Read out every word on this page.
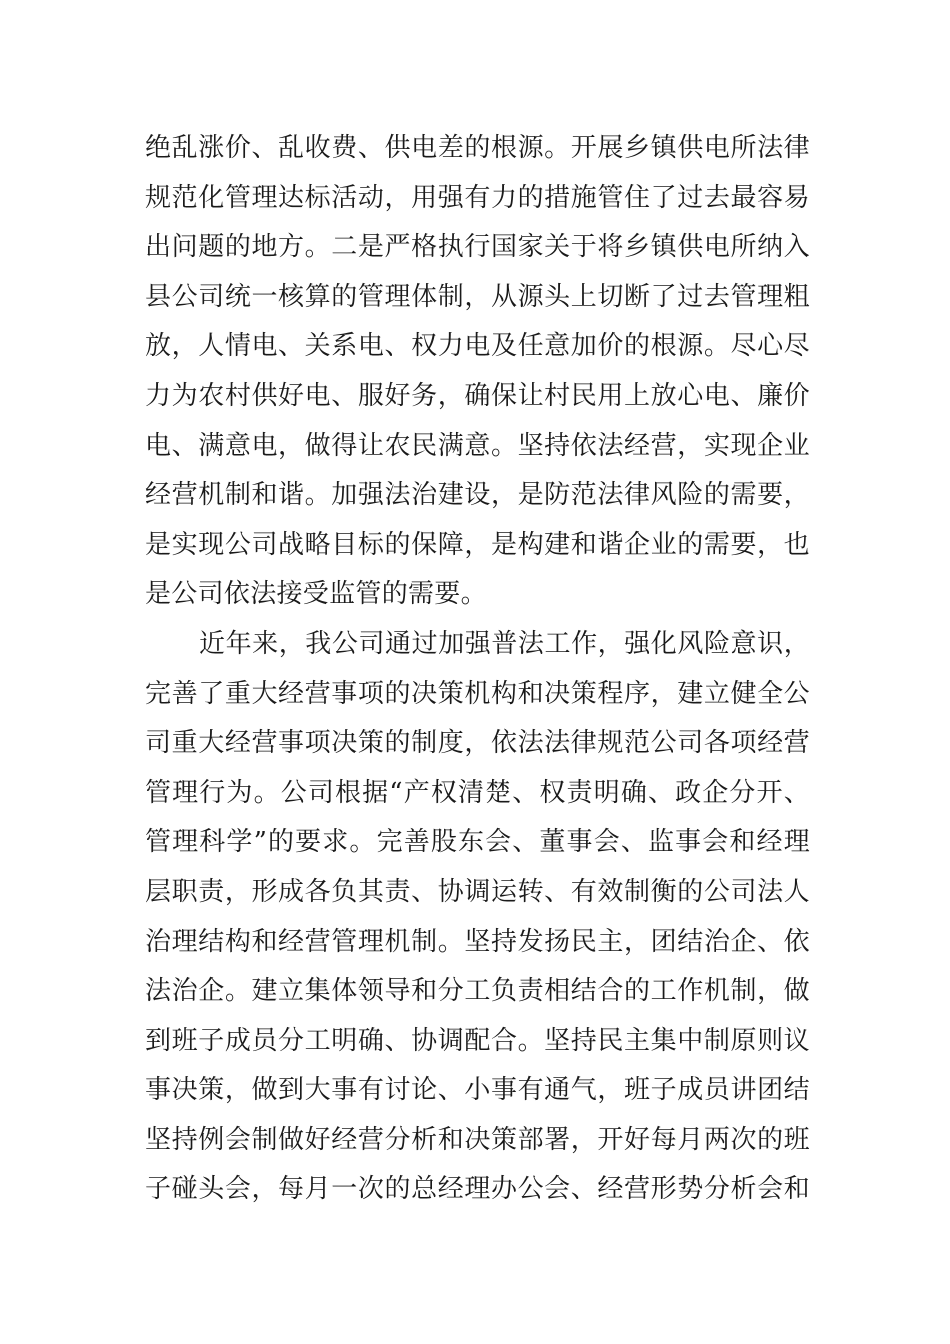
绝乱涨价、乱收费、供电差的根源。开展乡镇供电所法律
规范化管理达标活动，用强有力的措施管住了过去最容易
出问题的地方。二是严格执行国家关于将乡镇供电所纳入
县公司统一核算的管理体制，从源头上切断了过去管理粗
放，人情电、关系电、权力电及任意加价的根源。尽心尽
力为农村供好电、服好务，确保让村民用上放心电、廉价
电、满意电，做得让农民满意。坚持依法经营，实现企业
经营机制和谐。加强法治建设，是防范法律风险的需要，
是实现公司战略目标的保障，是构建和谐企业的需要，也
是公司依法接受监管的需要。
近年来，我公司通过加强普法工作，强化风险意识，
完善了重大经营事项的决策机构和决策程序，建立健全公
司重大经营事项决策的制度，依法法律规范公司各项经营
管理行为。公司根据“产权清楚、权责明确、政企分开、
管理科学”的要求。完善股东会、董事会、监事会和经理
层职责，形成各负其责、协调运转、有效制衡的公司法人
治理结构和经营管理机制。坚持发扬民主，团结治企、依
法治企。建立集体领导和分工负责相结合的工作机制，做
到班子成员分工明确、协调配合。坚持民主集中制原则议
事决策，做到大事有讨论、小事有通气，班子成员讲团结
坚持例会制做好经营分析和决策部署，开好每月两次的班
子碰头会，每月一次的总经理办公会、经营形势分析会和
